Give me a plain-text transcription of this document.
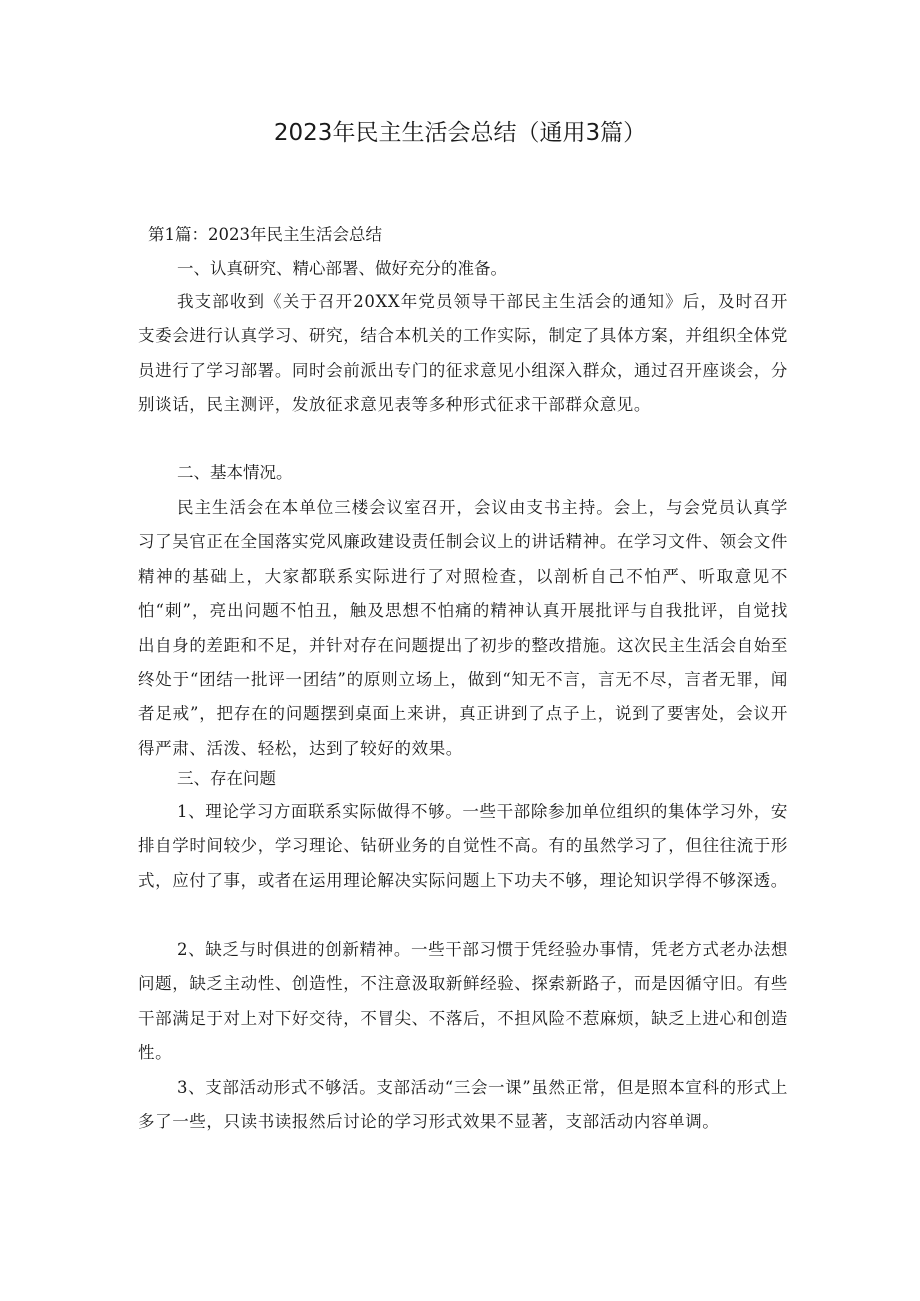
2023年民主生活会总结（通用3篇）

第1篇：2023年民主生活会总结

一、认真研究、精心部署、做好充分的准备。

我支部收到《关于召开20XX年党员领导干部民主生活会的通知》后，及时召开支委会进行认真学习、研究，结合本机关的工作实际，制定了具体方案，并组织全体党员进行了学习部署。同时会前派出专门的征求意见小组深入群众，通过召开座谈会，分别谈话，民主测评，发放征求意见表等多种形式征求干部群众意见。

二、基本情况。

民主生活会在本单位三楼会议室召开，会议由支书主持。会上，与会党员认真学习了吴官正在全国落实党风廉政建设责任制会议上的讲话精神。在学习文件、领会文件精神的基础上，大家都联系实际进行了对照检查，以剖析自己不怕严、听取意见不怕“刺”，亮出问题不怕丑，触及思想不怕痛的精神认真开展批评与自我批评，自觉找出自身的差距和不足，并针对存在问题提出了初步的整改措施。这次民主生活会自始至终处于“团结一批评一团结”的原则立场上，做到“知无不言，言无不尽，言者无罪，闻者足戒”，把存在的问题摆到桌面上来讲，真正讲到了点子上，说到了要害处，会议开得严肃、活泼、轻松，达到了较好的效果。

三、存在问题

1、理论学习方面联系实际做得不够。一些干部除参加单位组织的集体学习外，安排自学时间较少，学习理论、钻研业务的自觉性不高。有的虽然学习了，但往往流于形式，应付了事，或者在运用理论解决实际问题上下功夫不够，理论知识学得不够深透。

2、缺乏与时俱进的创新精神。一些干部习惯于凭经验办事情，凭老方式老办法想问题，缺乏主动性、创造性，不注意汲取新鲜经验、探索新路子，而是因循守旧。有些干部满足于对上对下好交待，不冒尖、不落后，不担风险不惹麻烦，缺乏上进心和创造性。

3、支部活动形式不够活。支部活动“三会一课”虽然正常，但是照本宣科的形式上多了一些，只读书读报然后讨论的学习形式效果不显著，支部活动内容单调。
